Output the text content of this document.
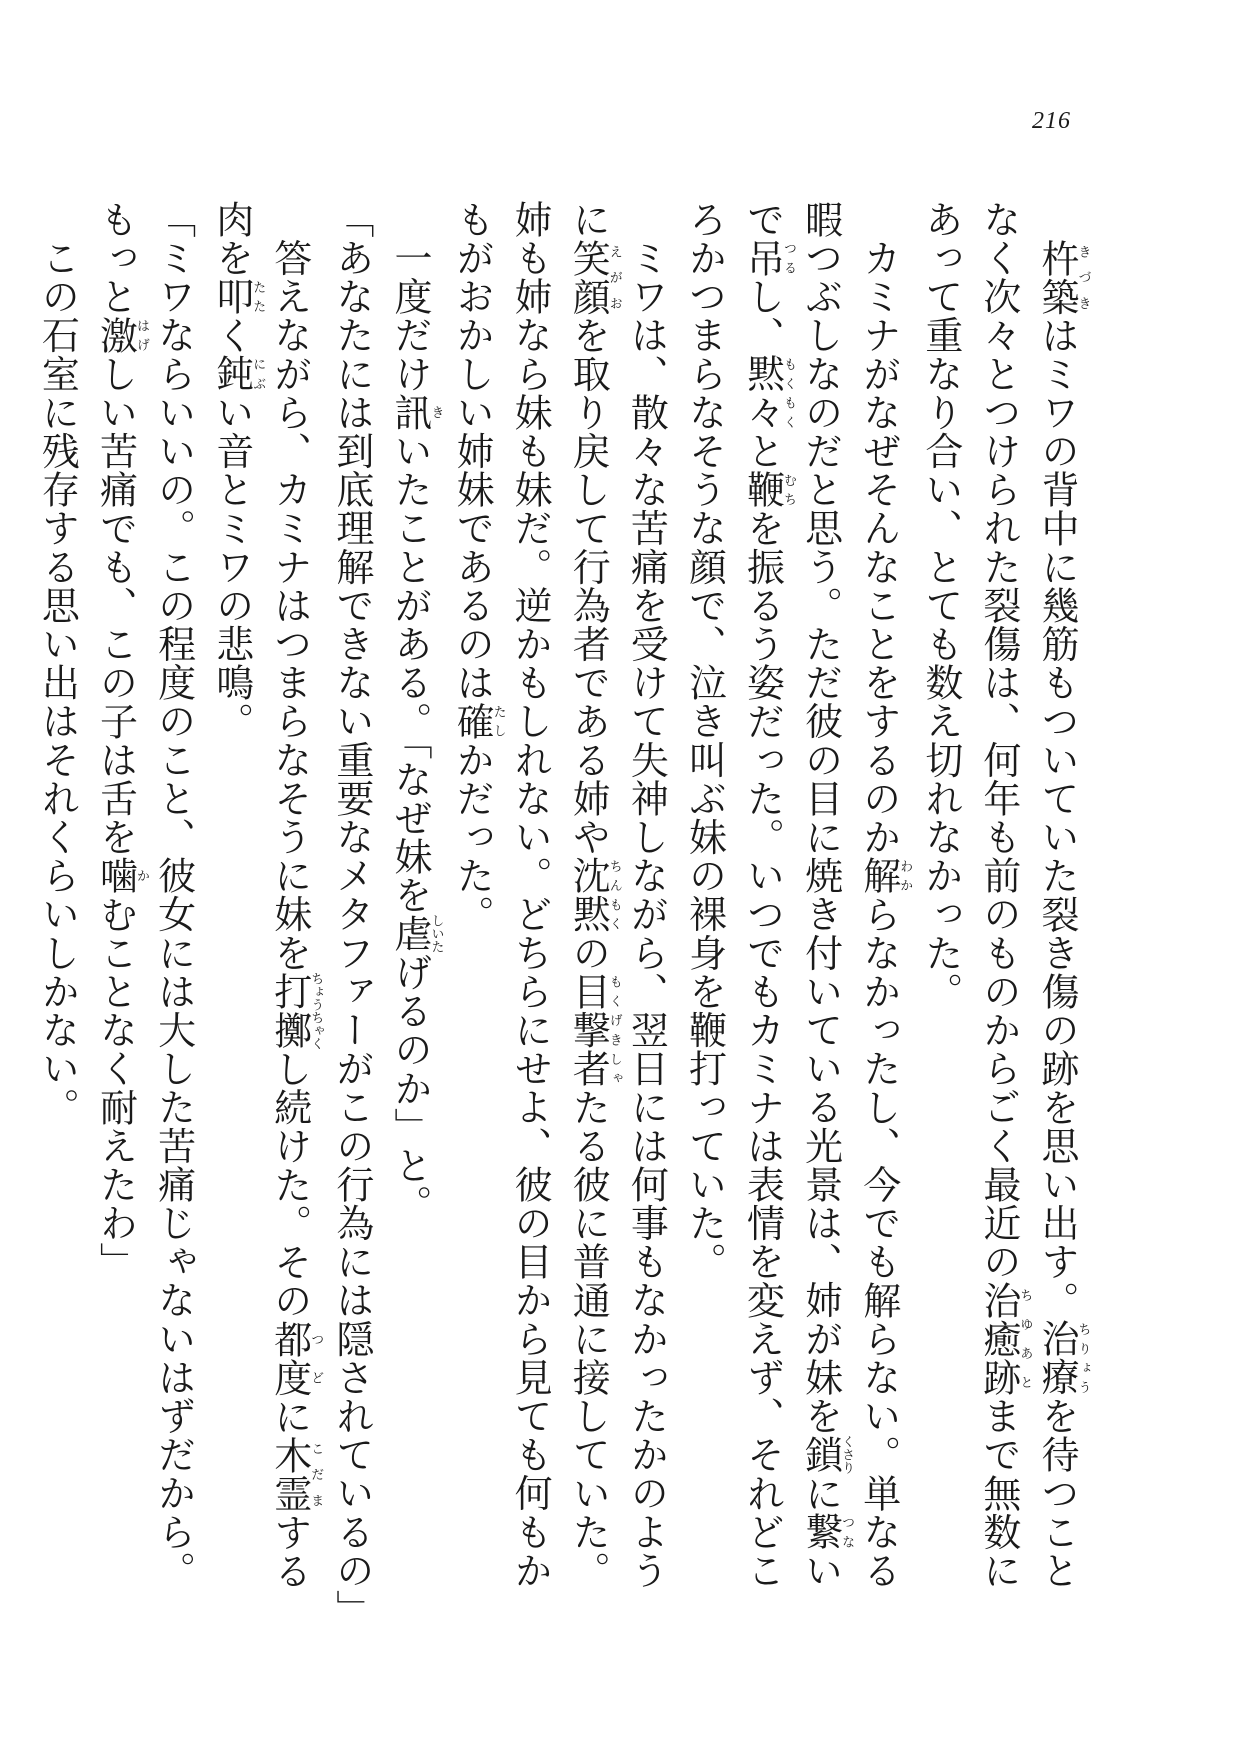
216

　杵築きづきはミワの背中に幾筋もついていた裂き傷の跡を思い出す。治療ちりょうを待つことなく次々とつけられた裂傷は、何年も前のものからごく最近の治癒跡ちゆあとまで無数にあって重なり合い、とても数え切れなかった。

　カミナがなぜそんなことをするのか解わからなかったし、今でも解らない。単なる暇つぶしなのだと思う。ただ彼の目に焼き付いている光景は、姉が妹を鎖くさりに繋つないで吊つるし、黙々もくもくと鞭むちを振るう姿だった。いつでもカミナは表情を変えず、それどころかつまらなそうな顔で、泣き叫ぶ妹の裸身を鞭打っていた。

　ミワは、散々な苦痛を受けて失神しながら、翌日には何事もなかったかのように笑顔えがおを取り戻して行為者である姉や沈黙ちんもくの目撃者もくげきしゃたる彼に普通に接していた。姉も姉なら妹も妹だ。逆かもしれない。どちらにせよ、彼の目から見ても何もかもがおかしい姉妹であるのは確たしかだった。

　一度だけ訊きいたことがある。「なぜ妹を虐しいたげるのか」と。

「あなたには到底理解できない重要なメタファーがこの行為には隠されているの」

　答えながら、カミナはつまらなそうに妹を打擲ちょうちゃくし続けた。その都度つどに木霊こだまする肉を叩たたく鈍にぶい音とミワの悲鳴。

「ミワならいいの。この程度のこと、彼女には大した苦痛じゃないはずだから。もっと激はげしい苦痛でも、この子は舌を噛かむことなく耐えたわ」

　この石室に残存する思い出はそれくらいしかない。
